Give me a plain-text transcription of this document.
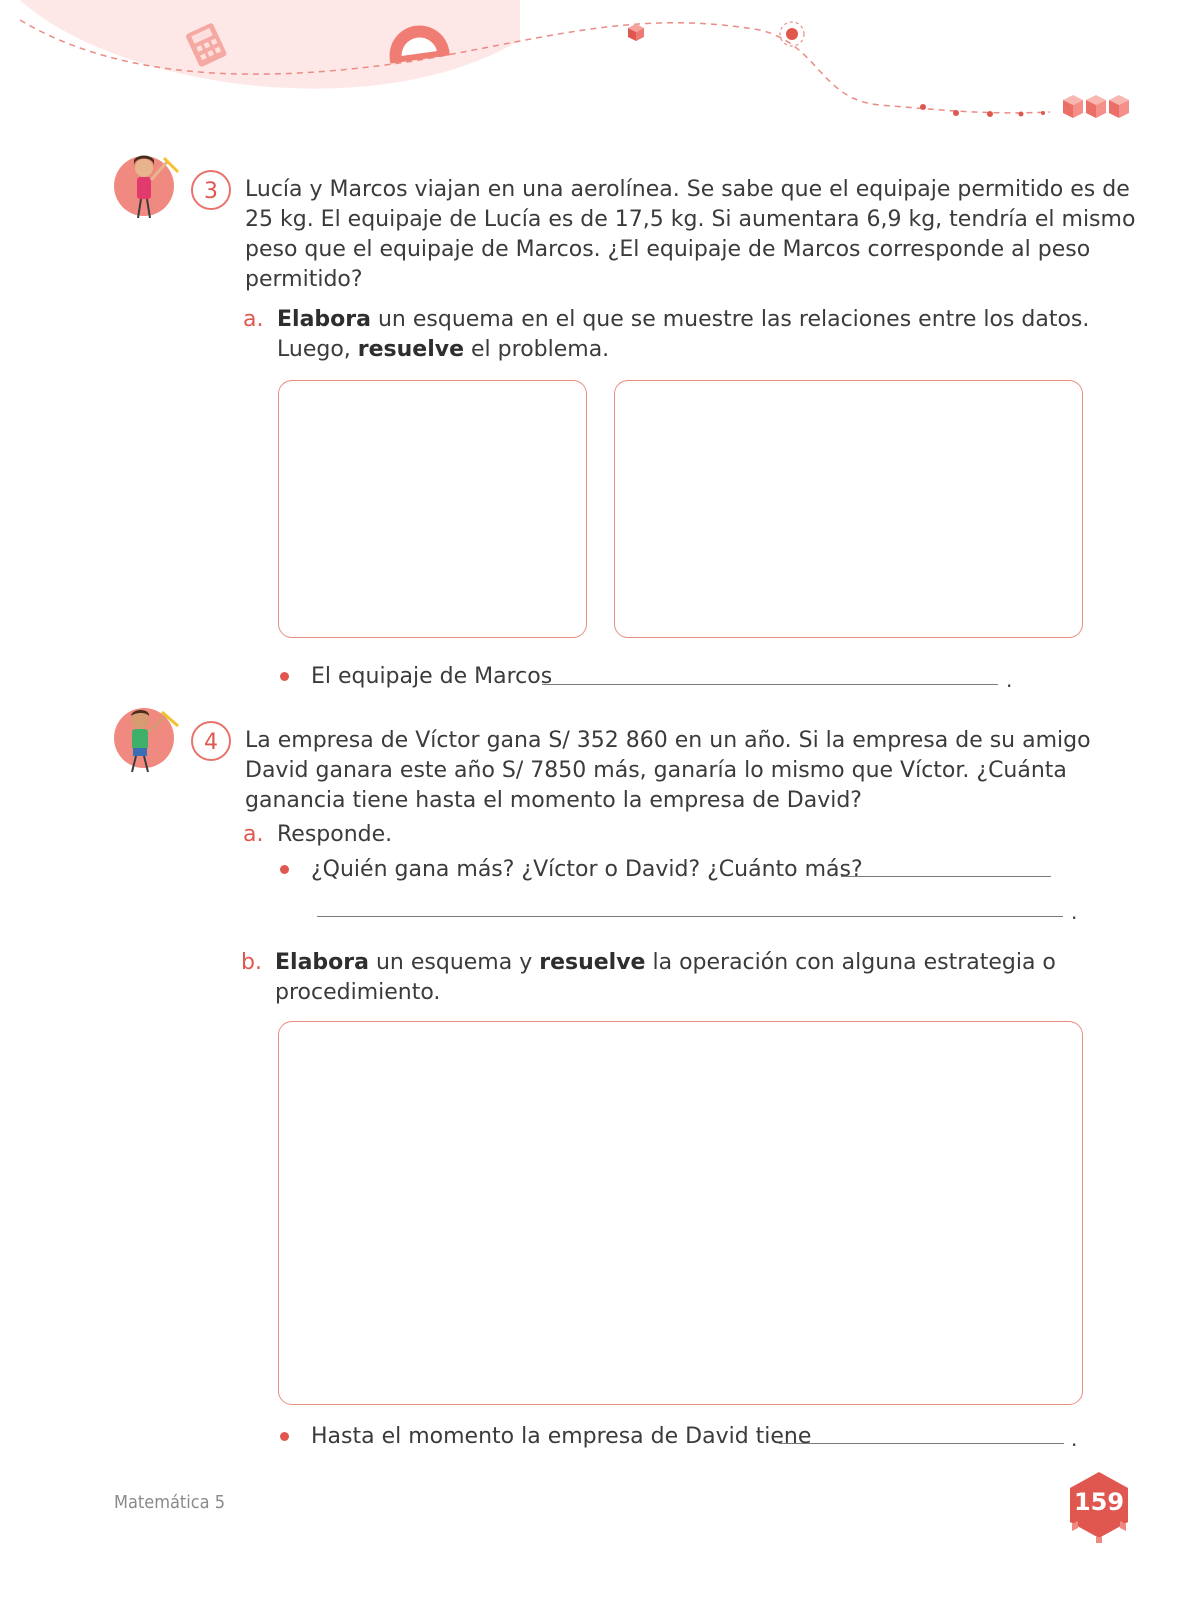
3	Lucía y Marcos viajan en una aerolínea. Se sabe que el equipaje permitido es de
25 kg. El equipaje de Lucía es de 17,5 kg. Si aumentara 6,9 kg, tendría el mismo
peso que el equipaje de Marcos. ¿El equipaje de Marcos corresponde al peso
permitido?
a. Elabora un esquema en el que se muestre las relaciones entre los datos.
Luego, resuelve el problema.
El equipaje de Marcos	.
4	La empresa de Víctor gana S/ 352 860 en un año. Si la empresa de su amigo
David ganara este año S/ 7850 más, ganaría lo mismo que Víctor. ¿Cuánta
ganancia tiene hasta el momento la empresa de David?
a. Responde.
¿Quién gana más? ¿Víctor o David? ¿Cuánto más?
.
b. Elabora un esquema y resuelve la operación con alguna estrategia o
procedimiento.
Hasta el momento la empresa de David tiene	.
Matemática 5	159
